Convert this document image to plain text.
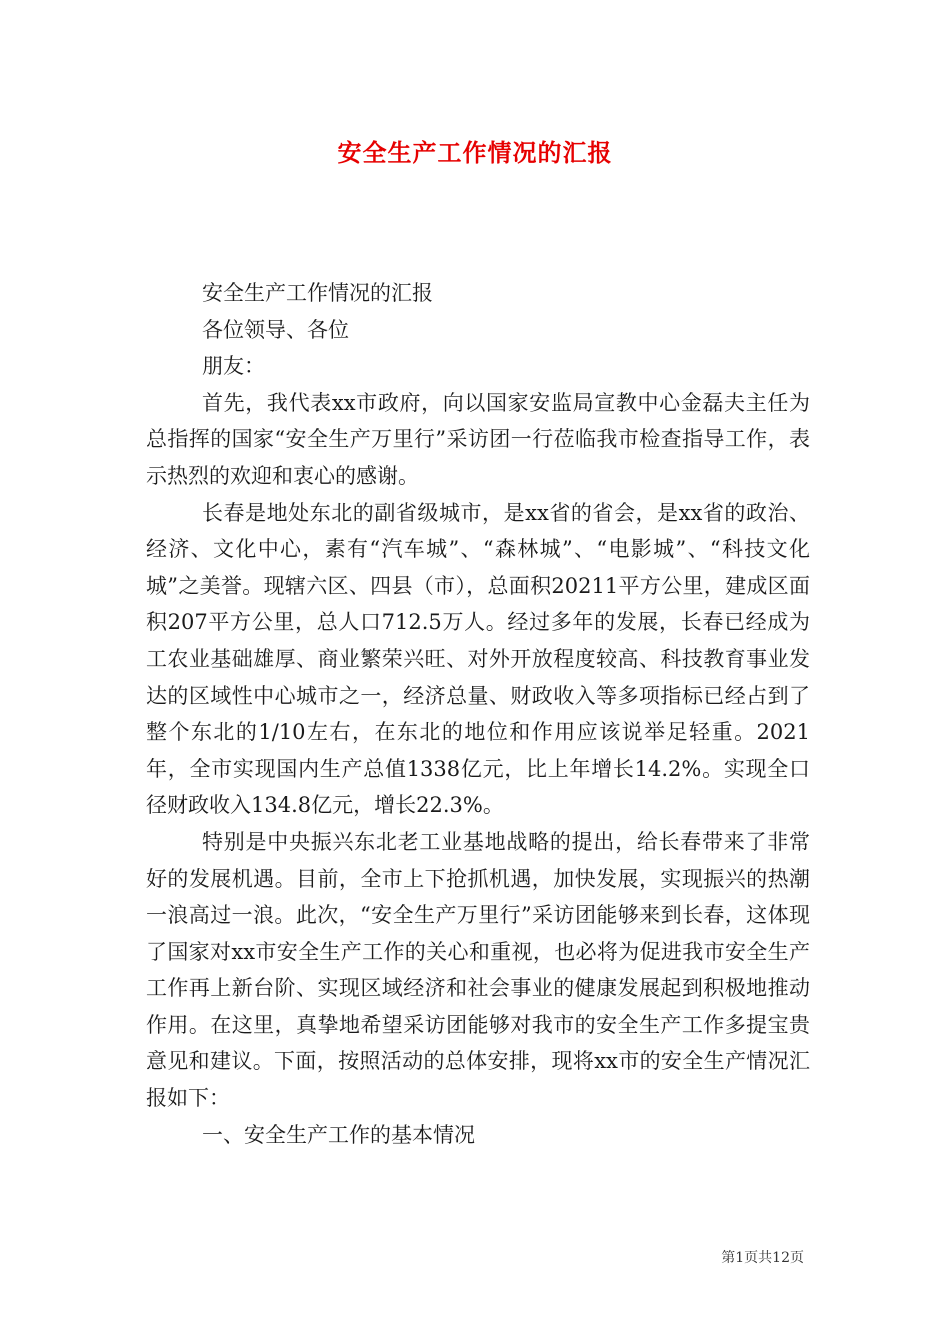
安全生产工作情况的汇报

安全生产工作情况的汇报

各位领导、各位

朋友：

首先，我代表xx市政府，向以国家安监局宣教中心金磊夫主任为总指挥的国家“安全生产万里行”采访团一行莅临我市检查指导工作，表示热烈的欢迎和衷心的感谢。

长春是地处东北的副省级城市，是xx省的省会，是xx省的政治、经济、文化中心，素有“汽车城”、“森林城”、“电影城”、“科技文化城”之美誉。现辖六区、四县（市），总面积20211平方公里，建成区面积207平方公里，总人口712.5万人。经过多年的发展，长春已经成为工农业基础雄厚、商业繁荣兴旺、对外开放程度较高、科技教育事业发达的区域性中心城市之一，经济总量、财政收入等多项指标已经占到了整个东北的1/10左右，在东北的地位和作用应该说举足轻重。2021年，全市实现国内生产总值1338亿元，比上年增长14.2%。实现全口径财政收入134.8亿元，增长22.3%。

特别是中央振兴东北老工业基地战略的提出，给长春带来了非常好的发展机遇。目前，全市上下抢抓机遇，加快发展，实现振兴的热潮一浪高过一浪。此次，“安全生产万里行”采访团能够来到长春，这体现了国家对xx市安全生产工作的关心和重视，也必将为促进我市安全生产工作再上新台阶、实现区域经济和社会事业的健康发展起到积极地推动作用。在这里，真挚地希望采访团能够对我市的安全生产工作多提宝贵意见和建议。下面，按照活动的总体安排，现将xx市的安全生产情况汇报如下：

一、安全生产工作的基本情况

第1页共12页
